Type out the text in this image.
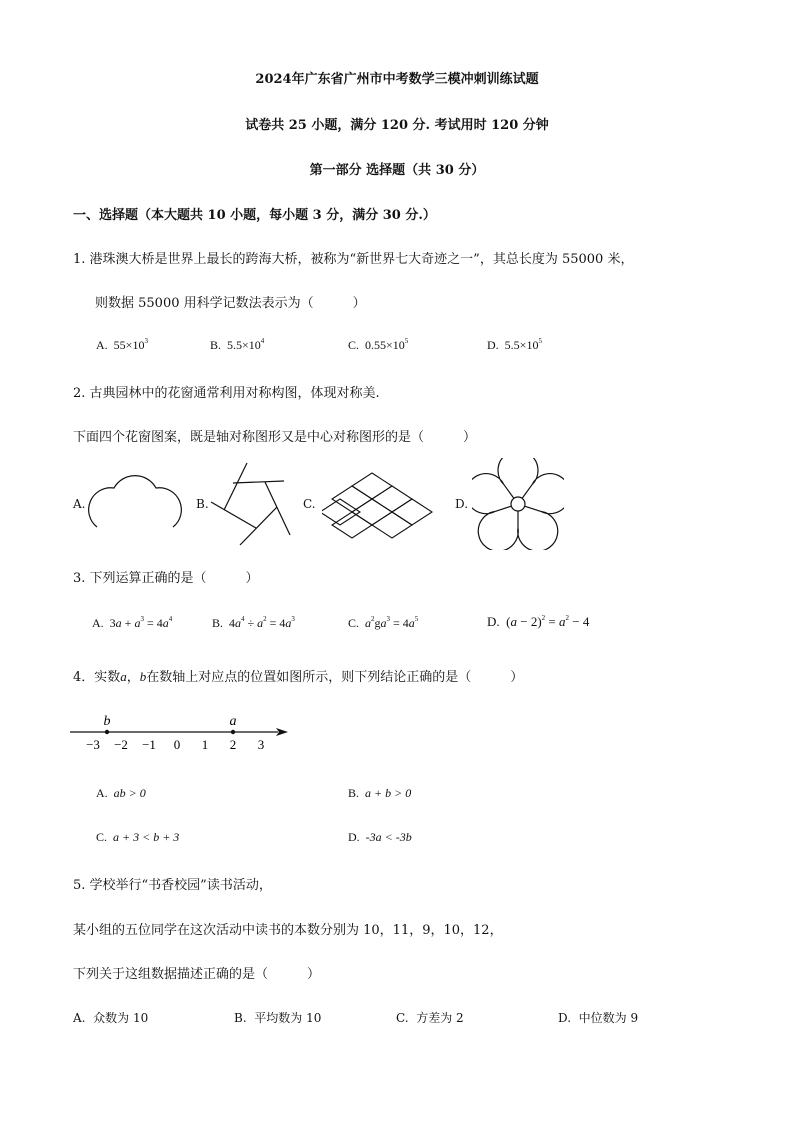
2024年广东省广州市中考数学三模冲刺训练试题
试卷共 25 小题，满分 120 分. 考试用时 120 分钟
第一部分 选择题（共 30 分）
一、选择题（本大题共 10 小题，每小题 3 分，满分 30 分.）
1. 港珠澳大桥是世界上最长的跨海大桥，被称为“新世界七大奇迹之一”，其总长度为 55000 米，
则数据 55000 用科学记数法表示为（　　　）
A. $55\times 10^3$	B. $5.5\times 10^4$	C. $0.55\times 10^5$	D. $5.5\times 10^5$
2. 古典园林中的花窗通常利用对称构图，体现对称美.
下面四个花窗图案，既是轴对称图形又是中心对称图形的是（　　　）
A.	B.	C.	D.
3. 下列运算正确的是（　　　）
A. $3a + a^3 = 4a^4$	B. $4a^4 \div a^2 = 4a^3$	C. $a^2ga^3 = 4a^5$	D. $(a - 2)^2 = a^2 - 4$
4．实数a，b在数轴上对应点的位置如图所示，则下列结论正确的是（　　　）
−3 −2 −1 0 1 2 3
b	a
A. ab > 0	B. a + b > 0
C. a + 3 < b + 3	D. -3a < -3b
5. 学校举行“书香校园”读书活动，
某小组的五位同学在这次活动中读书的本数分别为 10，11，9，10，12，
下列关于这组数据描述正确的是（　　　）
A. 众数为 10	B. 平均数为 10	C. 方差为 2	D. 中位数为 9
